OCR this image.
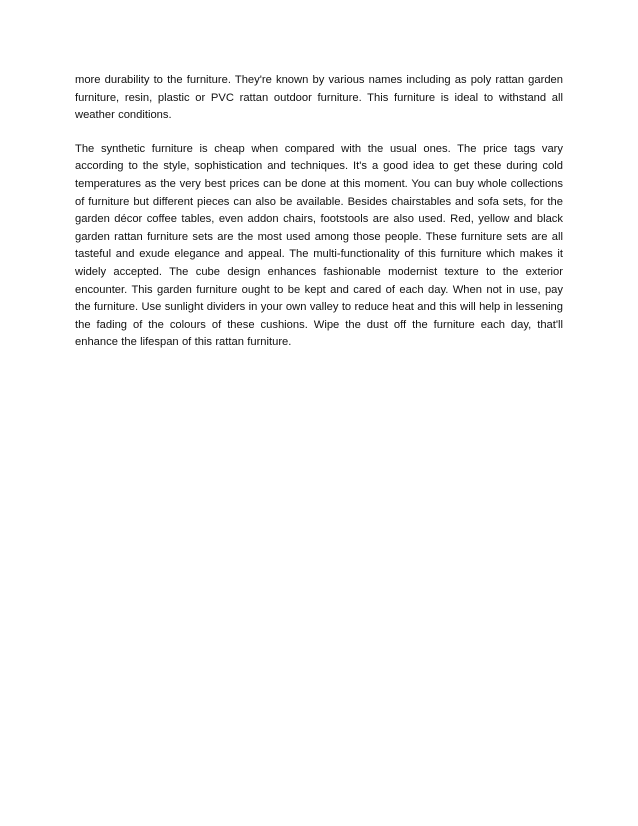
more durability to the furniture. They're known by various names including as poly rattan garden furniture, resin, plastic or PVC rattan outdoor furniture. This furniture is ideal to withstand all weather conditions.

The synthetic furniture is cheap when compared with the usual ones. The price tags vary according to the style, sophistication and techniques. It's a good idea to get these during cold temperatures as the very best prices can be done at this moment. You can buy whole collections of furniture but different pieces can also be available. Besides chairstables and sofa sets, for the garden décor coffee tables, even addon chairs, footstools are also used. Red, yellow and black garden rattan furniture sets are the most used among those people. These furniture sets are all tasteful and exude elegance and appeal. The multi-functionality of this furniture which makes it widely accepted. The cube design enhances fashionable modernist texture to the exterior encounter. This garden furniture ought to be kept and cared of each day. When not in use, pay the furniture. Use sunlight dividers in your own valley to reduce heat and this will help in lessening the fading of the colours of these cushions. Wipe the dust off the furniture each day, that'll enhance the lifespan of this rattan furniture.
